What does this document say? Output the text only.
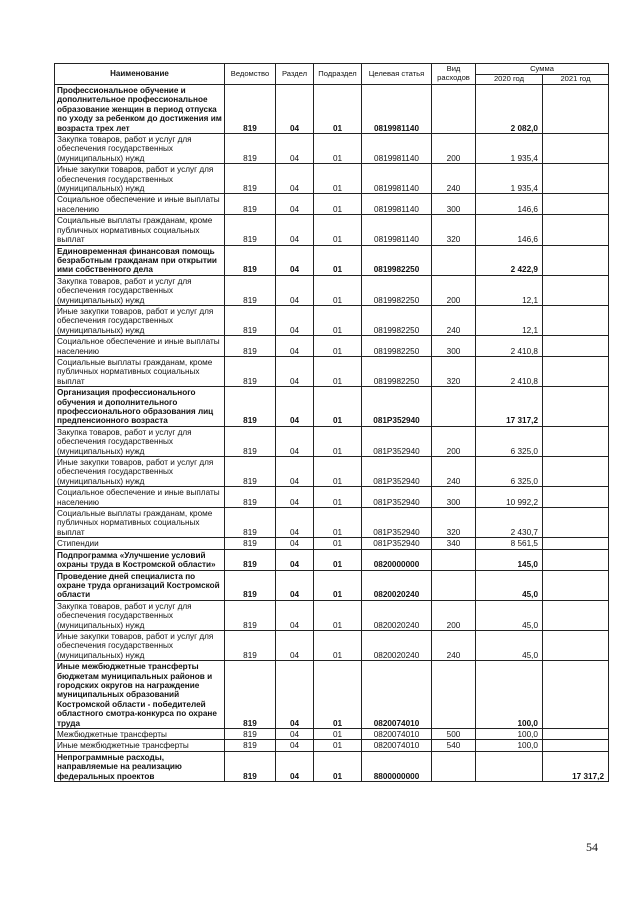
Наименование	Ведомство	Раздел	Подраздел	Целевая статья	Вид расходов	Сумма	
						2020 год	2021 год
Профессиональное обучение и дополнительное профессиональное образование женщин в период отпуска по уходу за ребенком до достижения им возраста трех лет	819	04	01	0819981140		2 082,0	
Закупка товаров, работ и услуг для обеспечения государственных (муниципальных) нужд	819	04	01	0819981140	200	1 935,4	
Иные закупки товаров, работ и услуг для обеспечения государственных (муниципальных) нужд	819	04	01	0819981140	240	1 935,4	
Социальное обеспечение и иные выплаты населению	819	04	01	0819981140	300	146,6	
Социальные выплаты гражданам, кроме публичных нормативных социальных выплат	819	04	01	0819981140	320	146,6	
Единовременная финансовая помощь безработным гражданам при открытии ими собственного дела	819	04	01	0819982250		2 422,9	
Закупка товаров, работ и услуг для обеспечения государственных (муниципальных) нужд	819	04	01	0819982250	200	12,1	
Иные закупки товаров, работ и услуг для обеспечения государственных (муниципальных) нужд	819	04	01	0819982250	240	12,1	
Социальное обеспечение и иные выплаты населению	819	04	01	0819982250	300	2 410,8	
Социальные выплаты гражданам, кроме публичных нормативных социальных выплат	819	04	01	0819982250	320	2 410,8	
Организация профессионального обучения и дополнительного профессионального образования лиц предпенсионного возраста	819	04	01	081P352940		17 317,2	
Закупка товаров, работ и услуг для обеспечения государственных (муниципальных) нужд	819	04	01	081P352940	200	6 325,0	
Иные закупки товаров, работ и услуг для обеспечения государственных (муниципальных) нужд	819	04	01	081P352940	240	6 325,0	
Социальное обеспечение и иные выплаты населению	819	04	01	081P352940	300	10 992,2	
Социальные выплаты гражданам, кроме публичных нормативных социальных выплат	819	04	01	081P352940	320	2 430,7	
Стипендии	819	04	01	081P352940	340	8 561,5	
Подпрограмма «Улучшение условий охраны труда в Костромской области»	819	04	01	0820000000		145,0	
Проведение дней специалиста по охране труда организаций Костромской области	819	04	01	0820020240		45,0	
Закупка товаров, работ и услуг для обеспечения государственных (муниципальных) нужд	819	04	01	0820020240	200	45,0	
Иные закупки товаров, работ и услуг для обеспечения государственных (муниципальных) нужд	819	04	01	0820020240	240	45,0	
Иные межбюджетные трансферты бюджетам муниципальных районов и городских округов на награждение муниципальных образований Костромской области - победителей областного смотра-конкурса по охране труда	819	04	01	0820074010		100,0	
Межбюджетные трансферты	819	04	01	0820074010	500	100,0	
Иные межбюджетные трансферты	819	04	01	0820074010	540	100,0	
Непрограммные расходы, направляемые на реализацию федеральных проектов	819	04	01	8800000000			17 317,2
54
